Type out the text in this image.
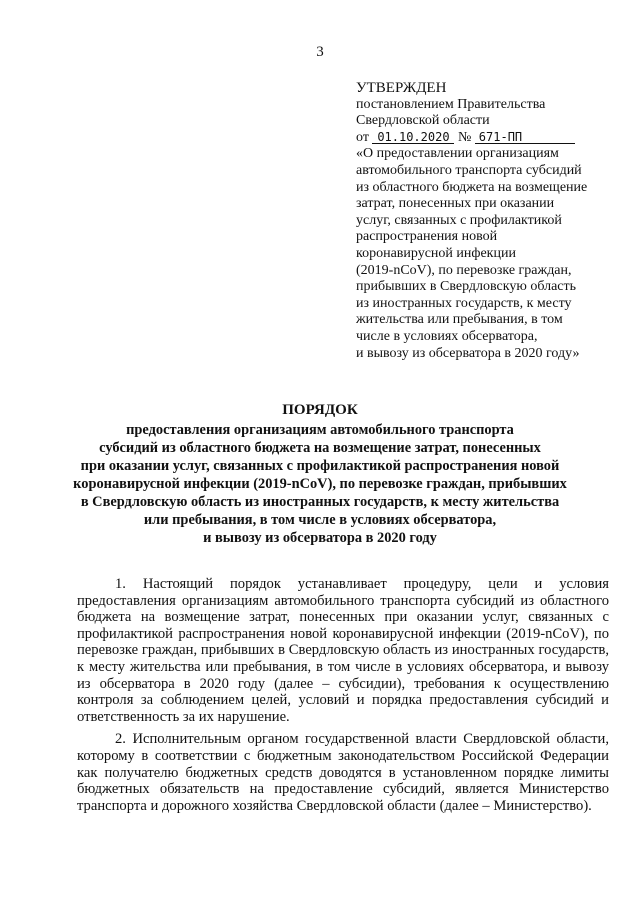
3
УТВЕРЖДЕН
постановлением Правительства
Свердловской области
от 01.10.2020 № 671-ПП
«О предоставлении организациям
автомобильного транспорта субсидий
из областного бюджета на возмещение
затрат, понесенных при оказании
услуг, связанных с профилактикой
распространения новой
коронавирусной инфекции
(2019-nCoV), по перевозке граждан,
прибывших в Свердловскую область
из иностранных государств, к месту
жительства или пребывания, в том
числе в условиях обсерватора,
и вывозу из обсерватора в 2020 году»
ПОРЯДОК
предоставления организациям автомобильного транспорта
субсидий из областного бюджета на возмещение затрат, понесенных
при оказании услуг, связанных с профилактикой распространения новой
коронавирусной инфекции (2019-nCoV), по перевозке граждан, прибывших
в Свердловскую область из иностранных государств, к месту жительства
или пребывания, в том числе в условиях обсерватора,
и вывозу из обсерватора в 2020 году

1. Настоящий порядок устанавливает процедуру, цели и условия предоставления организациям автомобильного транспорта субсидий из областного бюджета на возмещение затрат, понесенных при оказании услуг, связанных с профилактикой распространения новой коронавирусной инфекции (2019-nCoV), по перевозке граждан, прибывших в Свердловскую область из иностранных государств, к месту жительства или пребывания, в том числе в условиях обсерватора, и вывозу из обсерватора в 2020 году (далее – субсидии), требования к осуществлению контроля за соблюдением целей, условий и порядка предоставления субсидий и ответственность за их нарушение.

2. Исполнительным органом государственной власти Свердловской области, которому в соответствии с бюджетным законодательством Российской Федерации как получателю бюджетных средств доводятся в установленном порядке лимиты бюджетных обязательств на предоставление субсидий, является Министерство транспорта и дорожного хозяйства Свердловской области (далее – Министерство).
